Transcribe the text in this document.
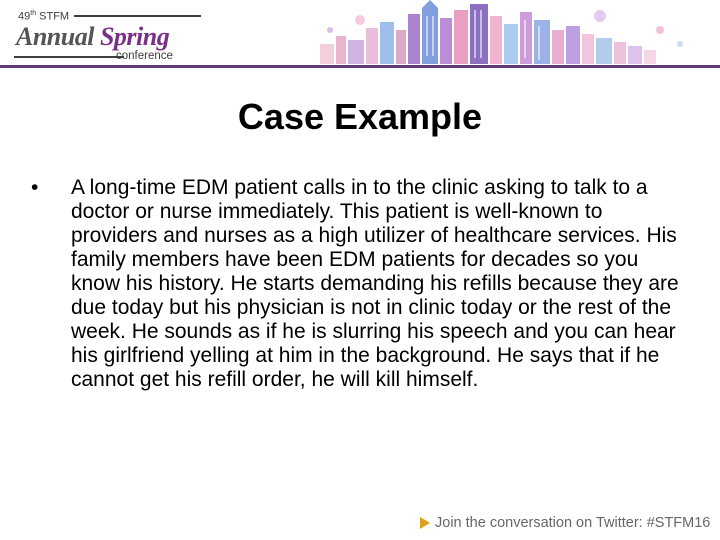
49th STFM
Annual Spring
conference
Case Example
• A long-time EDM patient calls in to the clinic asking to talk to a doctor or nurse immediately. This patient is well-known to providers and nurses as a high utilizer of healthcare services. His family members have been EDM patients for decades so you know his history. He starts demanding his refills because they are due today but his physician is not in clinic today or the rest of the week. He sounds as if he is slurring his speech and you can hear his girlfriend yelling at him in the background. He says that if he cannot get his refill order, he will kill himself.
Join the conversation on Twitter: #STFM16
